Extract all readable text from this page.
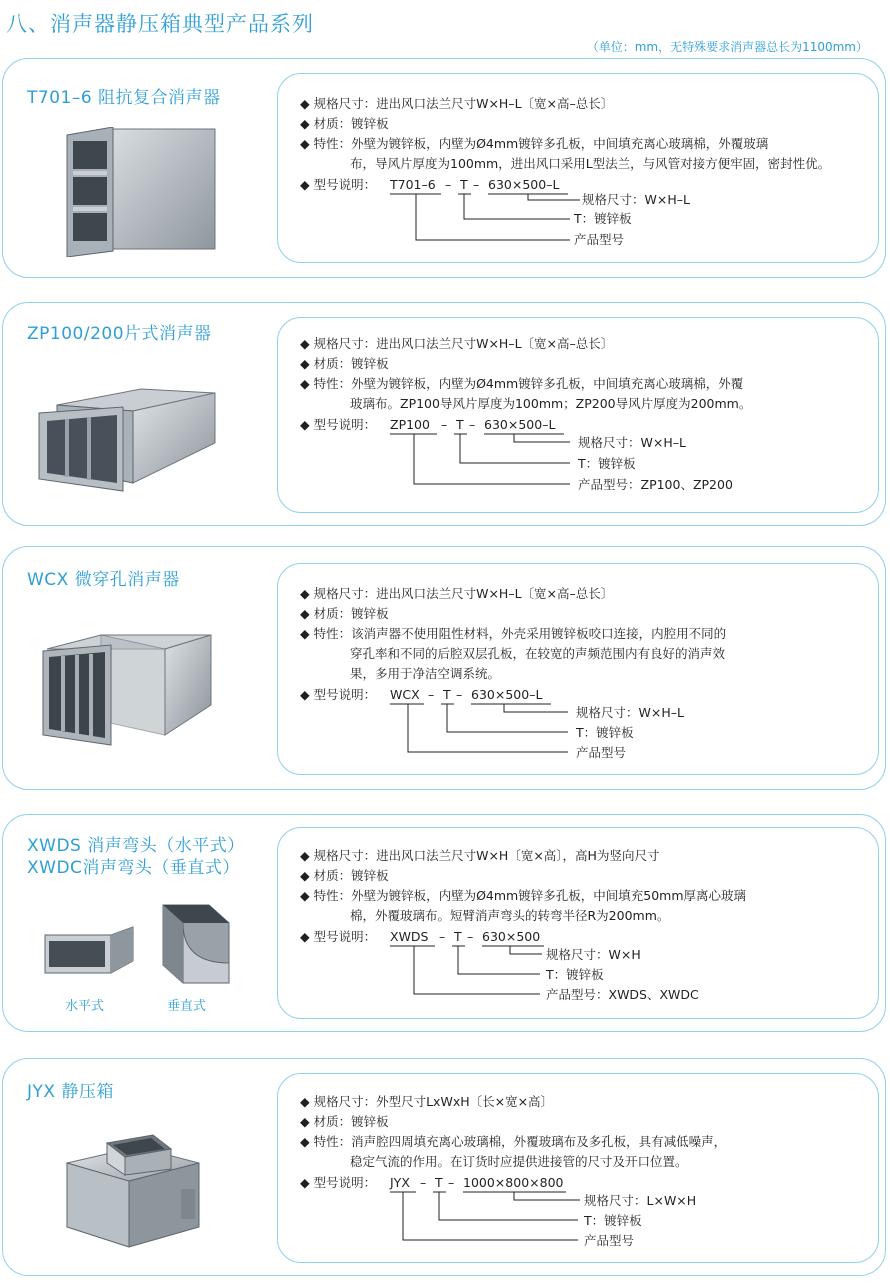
八、消声器静压箱典型产品系列
（单位：mm，无特殊要求消声器总长为1100mm）
T701–6 阻抗复合消声器	◆ 规格尺寸：进出风口法兰尺寸W×H–L〔宽×高–总长〕
◆ 材质：镀锌板
◆ 特性：外壁为镀锌板，内壁为Ø4mm镀锌多孔板，中间填充离心玻璃棉，外覆玻璃
布，导风片厚度为100mm，进出风口采用L型法兰，与风管对接方便牢固，密封性优。
◆ 型号说明： T701–6 – T – 630×500–L
规格尺寸：W×H–L
T：镀锌板
产品型号
ZP100/200片式消声器	◆ 规格尺寸：进出风口法兰尺寸W×H–L〔宽×高–总长〕
◆ 材质：镀锌板
◆ 特性：外壁为镀锌板，内壁为Ø4mm镀锌多孔板，中间填充离心玻璃棉，外覆
玻璃布。ZP100导风片厚度为100mm；ZP200导风片厚度为200mm。
◆ 型号说明： ZP100 – T – 630×500–L
规格尺寸：W×H–L
T：镀锌板
产品型号：ZP100、ZP200
WCX 微穿孔消声器
◆ 规格尺寸：进出风口法兰尺寸W×H–L〔宽×高–总长〕
◆ 材质：镀锌板
◆ 特性：该消声器不使用阻性材料，外壳采用镀锌板咬口连接，内腔用不同的
穿孔率和不同的后腔双层孔板，在较宽的声频范围内有良好的消声效
果，多用于净洁空调系统。
◆ 型号说明： WCX – T – 630×500–L
规格尺寸：W×H–L
T：镀锌板
产品型号
XWDS 消声弯头（水平式）
XWDC消声弯头（垂直式）
水平式	垂直式
◆ 规格尺寸：进出风口法兰尺寸W×H〔宽×高〕，高H为竖向尺寸
◆ 材质：镀锌板
◆ 特性：外壁为镀锌板，内壁为Ø4mm镀锌多孔板，中间填充50mm厚离心玻璃
棉，外覆玻璃布。短臂消声弯头的转弯半径R为200mm。
◆ 型号说明： XWDS – T – 630×500
规格尺寸：W×H
T：镀锌板
产品型号：XWDS、XWDC
JYX 静压箱	◆ 规格尺寸：外型尺寸LxWxH〔长×宽×高〕
◆ 材质：镀锌板
◆ 特性：消声腔四周填充离心玻璃棉，外覆玻璃布及多孔板，具有减低噪声，
稳定气流的作用。在订货时应提供进接管的尺寸及开口位置。
◆ 型号说明： JYX – T – 1000×800×800
规格尺寸：L×W×H
T：镀锌板
产品型号
